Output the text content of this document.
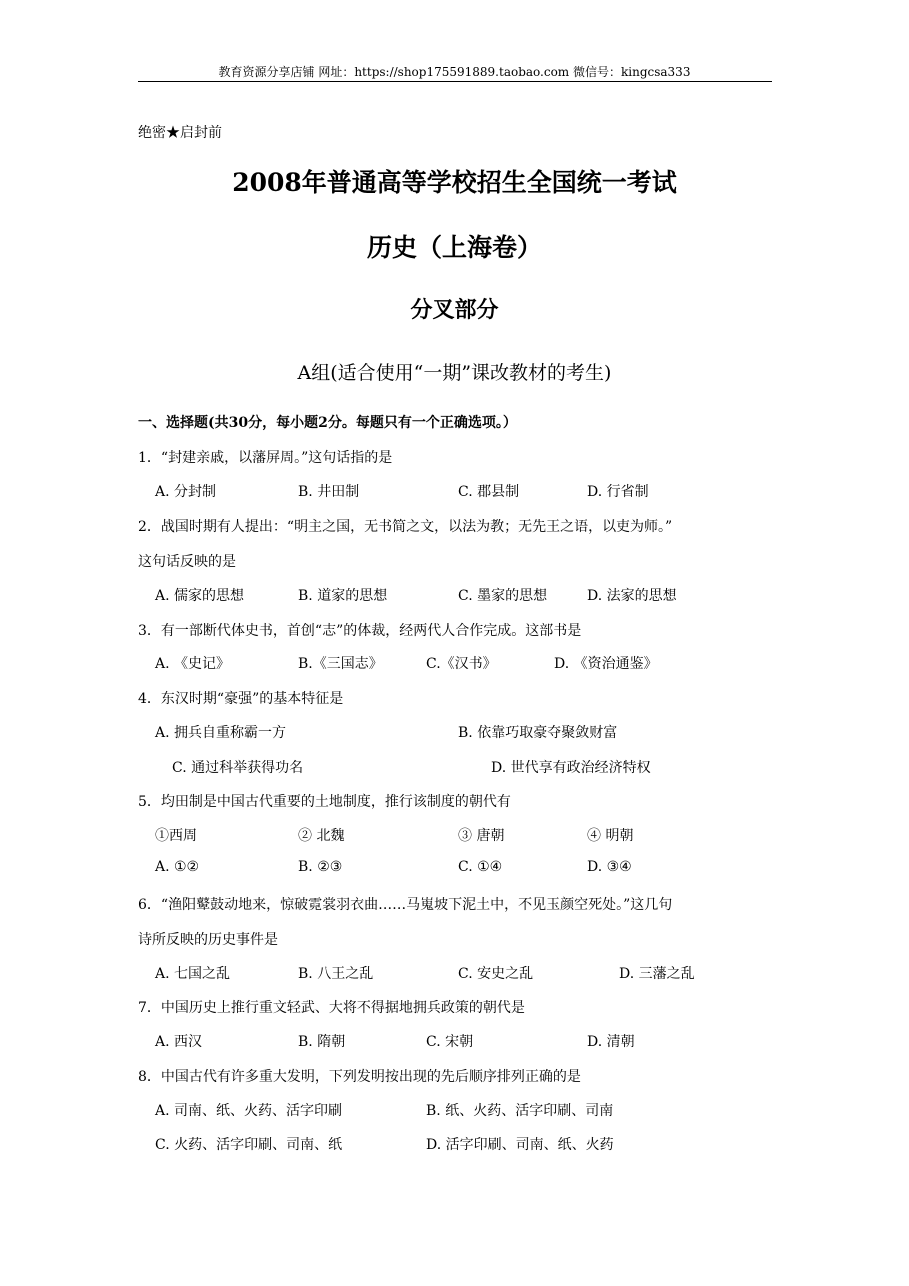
教育资源分享店铺 网址：https://shop175591889.taobao.com 微信号：kingcsa333
绝密★启封前
2008年普通高等学校招生全国统一考试
历史（上海卷）
分叉部分
A组(适合使用“一期”课改教材的考生)
一、选择题(共30分，每小题2分。每题只有一个正确选项。）
1．“封建亲戚，以藩屏周。”这句话指的是
A. 分封制	B. 井田制	C. 郡县制	D. 行省制
2．战国时期有人提出：“明主之国，无书简之文，以法为教；无先王之语，以吏为师。”
这句话反映的是
A. 儒家的思想	B. 道家的思想	C. 墨家的思想	D. 法家的思想
3．有一部断代体史书，首创“志”的体裁，经两代人合作完成。这部书是
A. 《史记》	B.《三国志》	C.《汉书》	D. 《资治通鉴》
4．东汉时期“豪强”的基本特征是
A. 拥兵自重称霸一方	B. 依靠巧取豪夺聚敛财富
C. 通过科举获得功名	D. 世代享有政治经济特权
5．均田制是中国古代重要的土地制度，推行该制度的朝代有
①西周	② 北魏	③ 唐朝	④ 明朝
A. ①②	B. ②③	C. ①④	D. ③④
6．“渔阳鼙鼓动地来，惊破霓裳羽衣曲……马嵬坡下泥土中，不见玉颜空死处。”这几句
诗所反映的历史事件是
A. 七国之乱	B. 八王之乱	C. 安史之乱	D. 三藩之乱
7．中国历史上推行重文轻武、大将不得据地拥兵政策的朝代是
A. 西汉	B. 隋朝	C. 宋朝	D. 清朝
8．中国古代有许多重大发明，下列发明按出现的先后顺序排列正确的是
A. 司南、纸、火药、活字印刷	B. 纸、火药、活字印刷、司南
C. 火药、活字印刷、司南、纸	D. 活字印刷、司南、纸、火药
